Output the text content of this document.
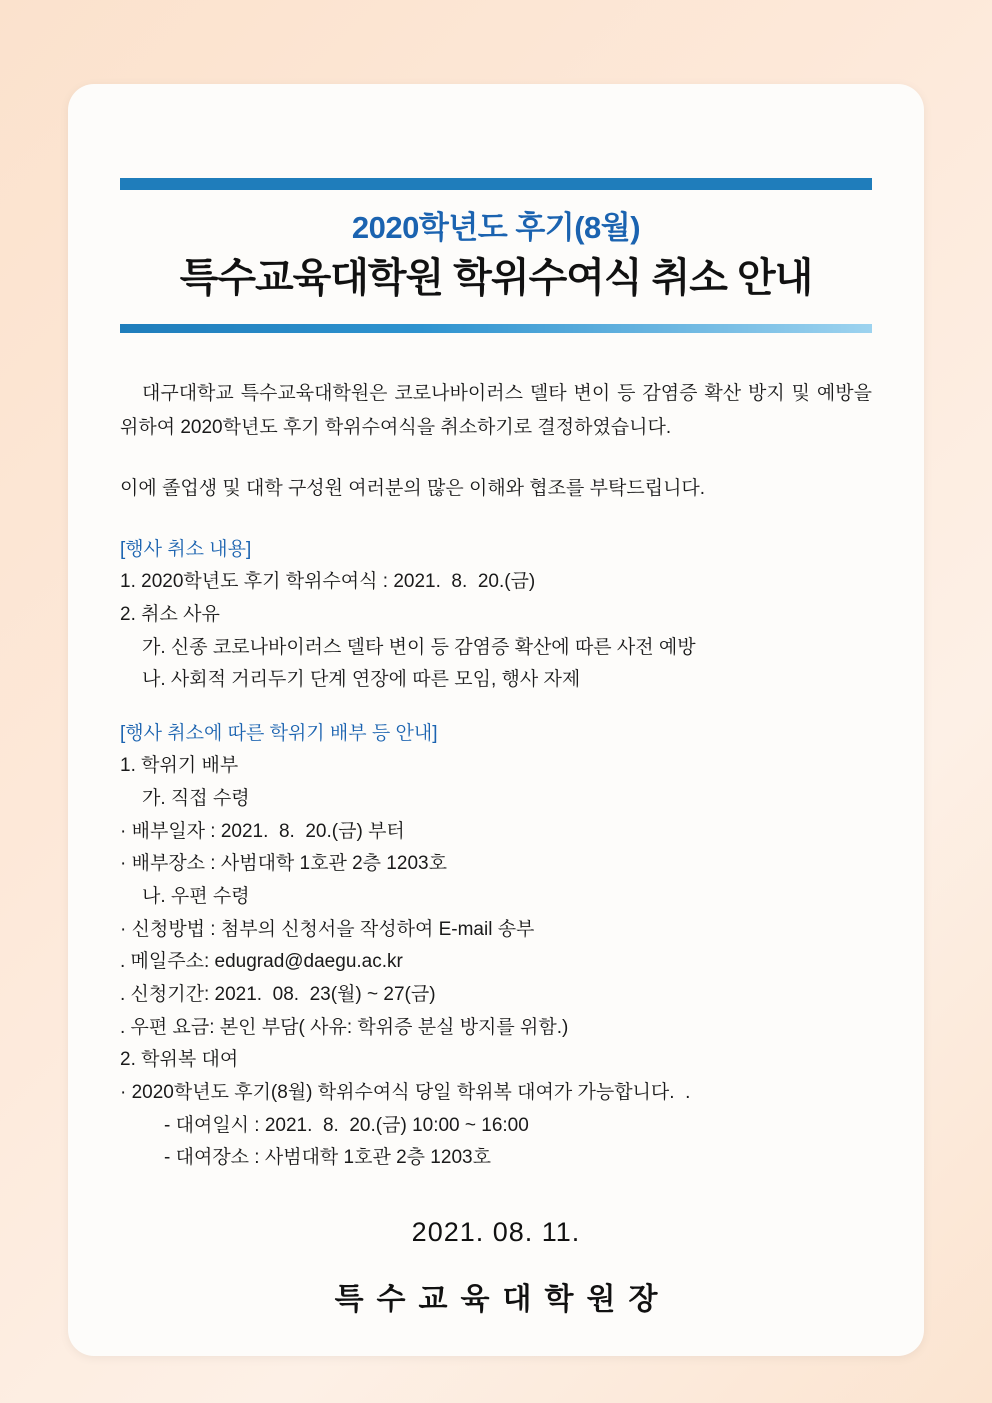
2020학년도 후기(8월)
특수교육대학원 학위수여식 취소 안내

대구대학교 특수교육대학원은 코로나바이러스 델타 변이 등 감염증 확산 방지 및 예방을 위하여 2020학년도 후기 학위수여식을 취소하기로 결정하였습니다.

이에 졸업생 및 대학 구성원 여러분의 많은 이해와 협조를 부탁드립니다.

[행사 취소 내용]

1. 2020학년도 후기 학위수여식 : 2021.  8.  20.(금)

2. 취소 사유

가. 신종 코로나바이러스 델타 변이 등 감염증 확산에 따른 사전 예방

나. 사회적 거리두기 단계 연장에 따른 모임, 행사 자제

[행사 취소에 따른 학위기 배부 등 안내]

1. 학위기 배부

가. 직접 수령

· 배부일자 : 2021.  8.  20.(금) 부터

· 배부장소 : 사범대학 1호관 2층 1203호

나. 우편 수령

· 신청방법 : 첨부의 신청서을 작성하여 E-mail 송부

. 메일주소: edugrad@daegu.ac.kr

. 신청기간: 2021.  08.  23(월) ~ 27(금)

. 우편 요금: 본인 부담( 사유: 학위증 분실 방지를 위함.)

2. 학위복 대여

· 2020학년도 후기(8월) 학위수여식 당일 학위복 대여가 가능합니다.  .

- 대여일시 : 2021.  8.  20.(금) 10:00 ~ 16:00

- 대여장소 : 사범대학 1호관 2층 1203호

2021. 08. 11.
특수교육대학원장
